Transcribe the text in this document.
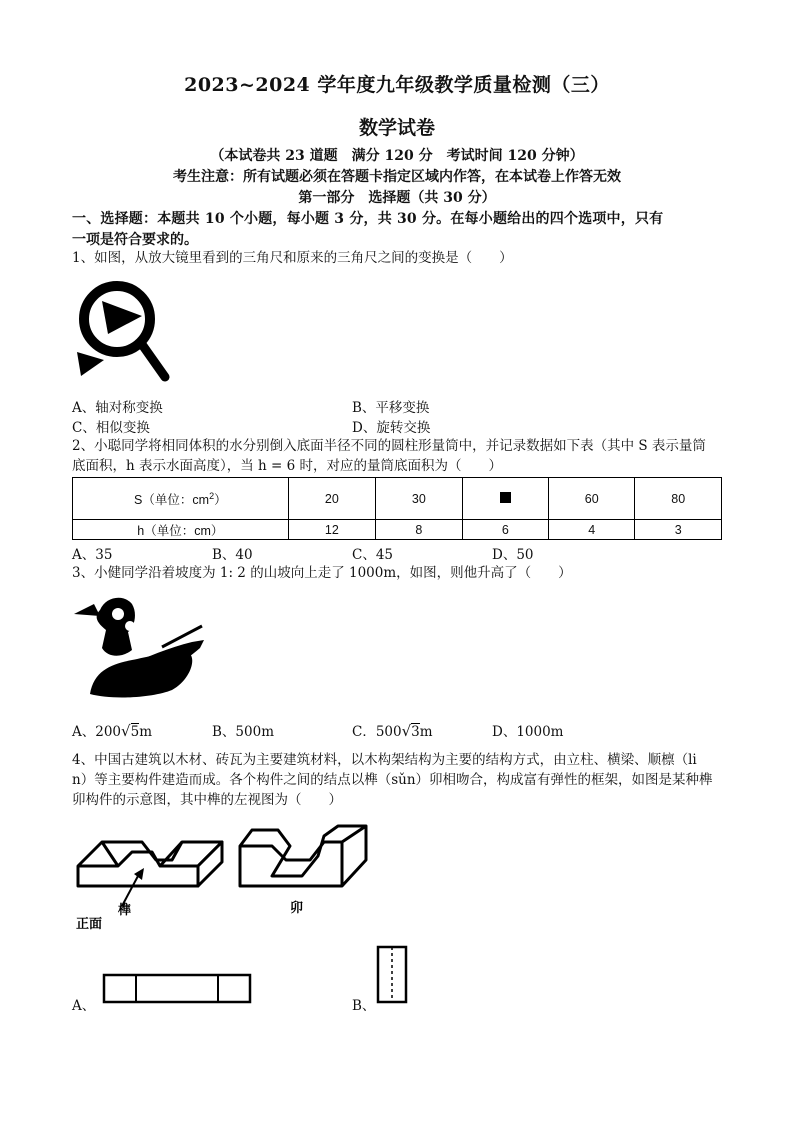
2023~2024 学年度九年级教学质量检测（三）
数学试卷
（本试卷共 23 道题　满分 120 分　考试时间 120 分钟）
考生注意：所有试题必须在答题卡指定区域内作答，在本试卷上作答无效
第一部分　选择题（共 30 分）
一、选择题：本题共 10 个小题，每小题 3 分，共 30 分。在每小题给出的四个选项中，只有
一项是符合要求的。
1、如图，从放大镜里看到的三角尺和原来的三角尺之间的变换是（　　）
A、轴对称变换	B、平移变换
C、相似变换	D、旋转交换
2、小聪同学将相同体积的水分别倒入底面半径不同的圆柱形量筒中，并记录数据如下表（其中 S 表示量筒
底面积，h 表示水面高度），当 h = 6 时，对应的量筒底面积为（　　）
S（单位：$cm^2$）	20	30		60	80
h（单位：cm）	12	8	6	4	3
A、35	B、40	C、45	D、50
3、小健同学沿着坡度为 1: 2 的山坡向上走了 1000m，如图，则他升高了（　　）
A、200√5m	B、500m	C．500√3m	D、1000m
4、中国古建筑以木材、砖瓦为主要建筑材料，以木构架结构为主要的结构方式，由立柱、横梁、顺檩（li
n）等主要构件建造而成。各个构件之间的结点以榫（sǔn）卯相吻合，构成富有弹性的框架，如图是某种榫
卯构件的示意图，其中榫的左视图为（　　）
榫	卯
正面
A、	B、
